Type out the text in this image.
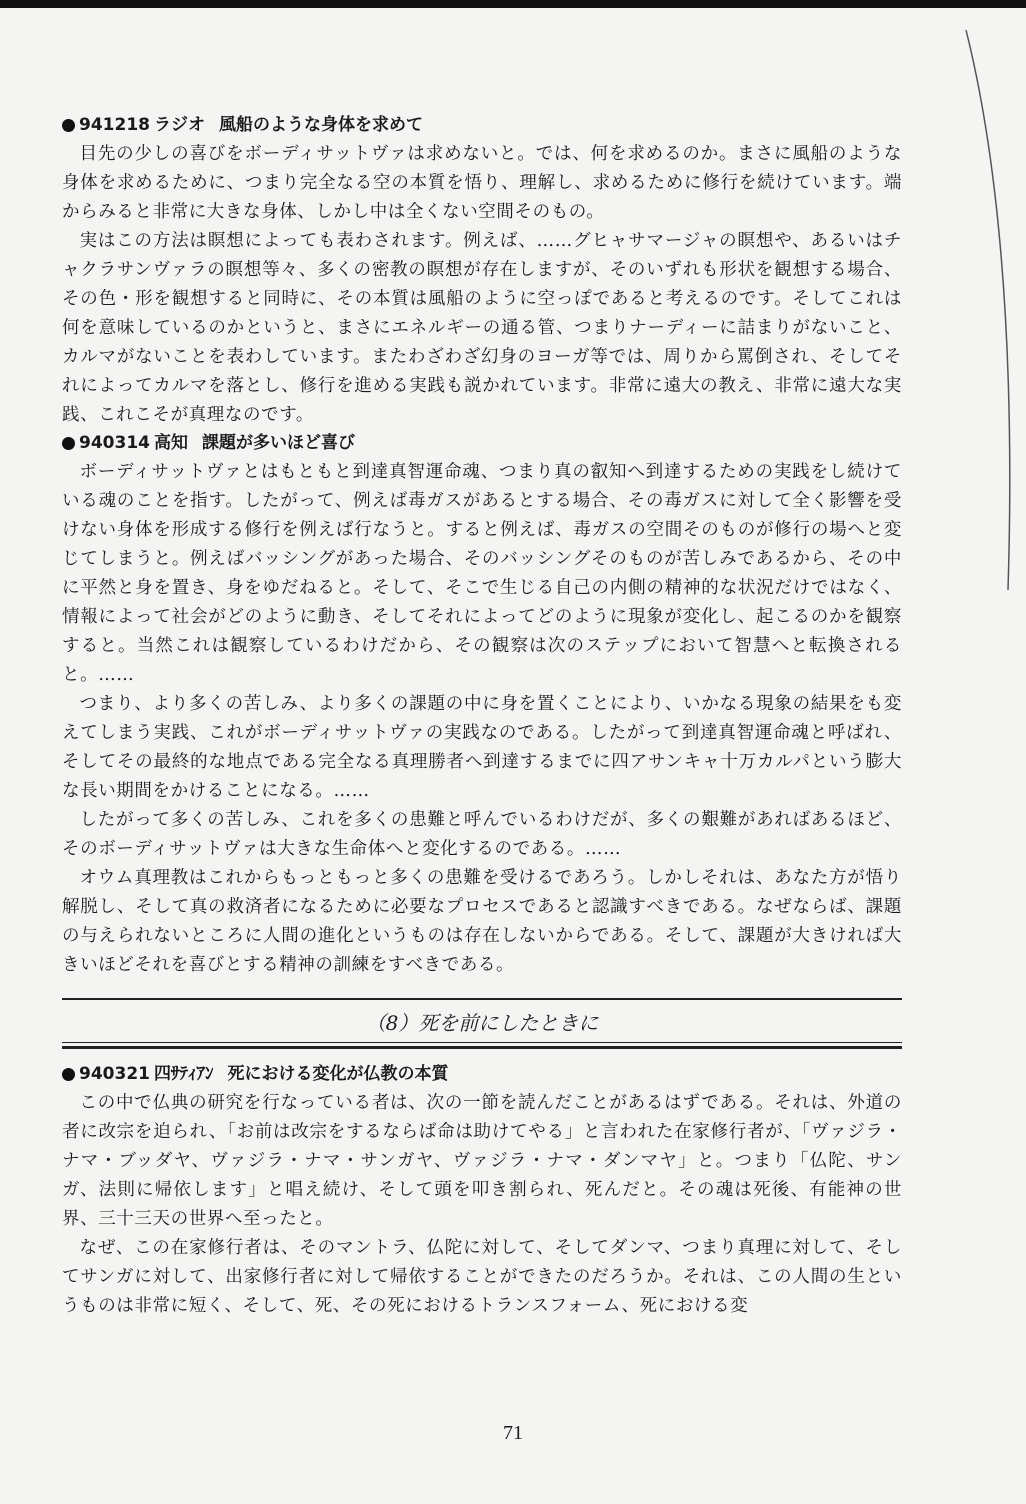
941218 ラジオ 風船のような身体を求めて

目先の少しの喜びをボーディサットヴァは求めないと。では、何を求めるのか。まさに風船のような身体を求めるために、つまり完全なる空の本質を悟り、理解し、求めるために修行を続けています。端からみると非常に大きな身体、しかし中は全くない空間そのもの。

実はこの方法は瞑想によっても表わされます。例えば、……グヒャサマージャの瞑想や、あるいはチャクラサンヴァラの瞑想等々、多くの密教の瞑想が存在しますが、そのいずれも形状を観想する場合、その色・形を観想すると同時に、その本質は風船のように空っぽであると考えるのです。そしてこれは何を意味しているのかというと、まさにエネルギーの通る管、つまりナーディーに詰まりがないこと、カルマがないことを表わしています。またわざわざ幻身のヨーガ等では、周りから罵倒され、そしてそれによってカルマを落とし、修行を進める実践も説かれています。非常に遠大の教え、非常に遠大な実践、これこそが真理なのです。

940314 高知 課題が多いほど喜び

ボーディサットヴァとはもともと到達真智運命魂、つまり真の叡知へ到達するための実践をし続けている魂のことを指す。したがって、例えば毒ガスがあるとする場合、その毒ガスに対して全く影響を受けない身体を形成する修行を例えば行なうと。すると例えば、毒ガスの空間そのものが修行の場へと変じてしまうと。例えばバッシングがあった場合、そのバッシングそのものが苦しみであるから、その中に平然と身を置き、身をゆだねると。そして、そこで生じる自己の内側の精神的な状況だけではなく、情報によって社会がどのように動き、そしてそれによってどのように現象が変化し、起こるのかを観察すると。当然これは観察しているわけだから、その観察は次のステップにおいて智慧へと転換されると。……

つまり、より多くの苦しみ、より多くの課題の中に身を置くことにより、いかなる現象の結果をも変えてしまう実践、これがボーディサットヴァの実践なのである。したがって到達真智運命魂と呼ばれ、そしてその最終的な地点である完全なる真理勝者へ到達するまでに四アサンキャ十万カルパという膨大な長い期間をかけることになる。……

したがって多くの苦しみ、これを多くの患難と呼んでいるわけだが、多くの艱難があればあるほど、そのボーディサットヴァは大きな生命体へと変化するのである。……

オウム真理教はこれからもっともっと多くの患難を受けるであろう。しかしそれは、あなた方が悟り解脱し、そして真の救済者になるために必要なプロセスであると認識すべきである。なぜならば、課題の与えられないところに人間の進化というものは存在しないからである。そして、課題が大きければ大きいほどそれを喜びとする精神の訓練をすべきである。

（8）死を前にしたときに
940321 四ｻﾃｨｱﾝ 死における変化が仏教の本質

この中で仏典の研究を行なっている者は、次の一節を読んだことがあるはずである。それは、外道の者に改宗を迫られ、「お前は改宗をするならば命は助けてやる」と言われた在家修行者が、「ヴァジラ・ナマ・ブッダヤ、ヴァジラ・ナマ・サンガヤ、ヴァジラ・ナマ・ダンマヤ」と。つまり「仏陀、サンガ、法則に帰依します」と唱え続け、そして頭を叩き割られ、死んだと。その魂は死後、有能神の世界、三十三天の世界へ至ったと。

なぜ、この在家修行者は、そのマントラ、仏陀に対して、そしてダンマ、つまり真理に対して、そしてサンガに対して、出家修行者に対して帰依することができたのだろうか。それは、この人間の生というものは非常に短く、そして、死、その死におけるトランスフォーム、死における変

71
